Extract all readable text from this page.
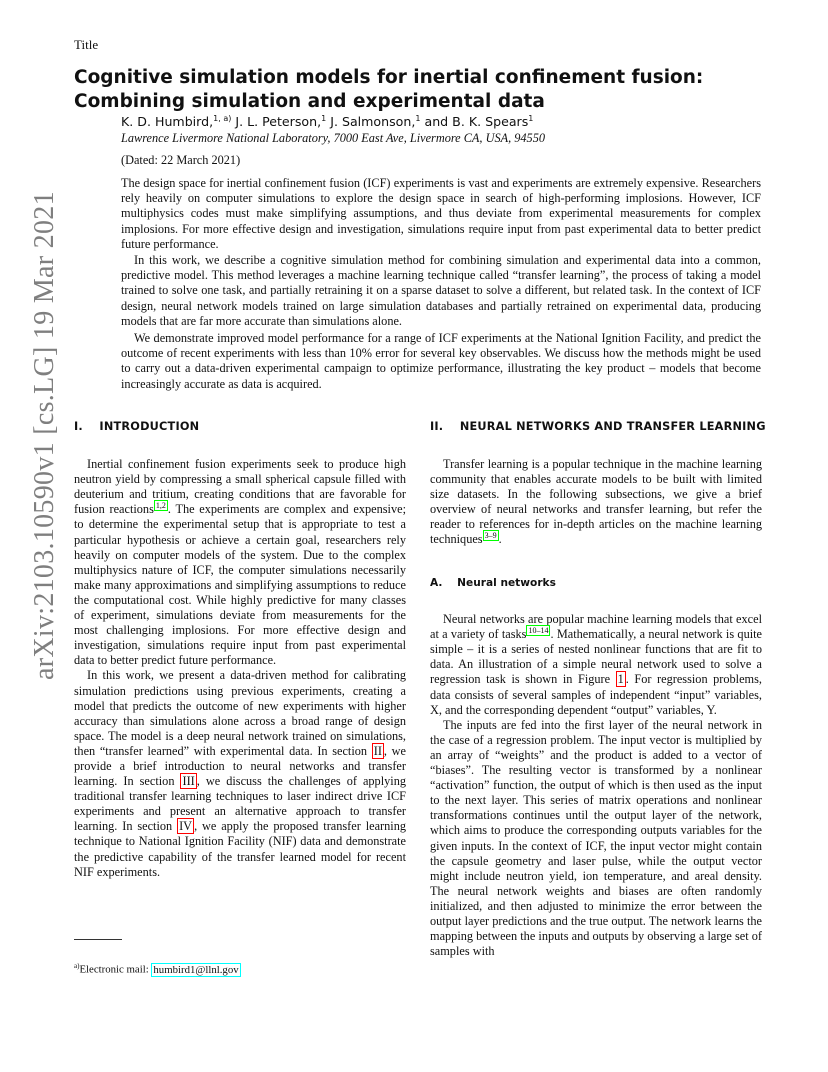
Title
Cognitive simulation models for inertial confinement fusion:
Combining simulation and experimental data
K. D. Humbird,$^{1, a)}$ J. L. Peterson,$^1$ J. Salmonson,$^1$ and B. K. Spears$^1$
Lawrence Livermore National Laboratory, 7000 East Ave, Livermore CA, USA, 94550
(Dated: 22 March 2021)
The design space for inertial confinement fusion (ICF) experiments is vast and experiments are extremely expensive. Researchers rely heavily on computer simulations to explore the design space in search of high-performing implosions. However, ICF multiphysics codes must make simplifying assumptions, and thus deviate from experimental measurements for complex implosions. For more effective design and investigation, simulations require input from past experimental data to better predict future performance.

In this work, we describe a cognitive simulation method for combining simulation and experimental data into a common, predictive model. This method leverages a machine learning technique called “transfer learning”, the process of taking a model trained to solve one task, and partially retraining it on a sparse dataset to solve a different, but related task. In the context of ICF design, neural network models trained on large simulation databases and partially retrained on experimental data, producing models that are far more accurate than simulations alone.

We demonstrate improved model performance for a range of ICF experiments at the National Ignition Facility, and predict the outcome of recent experiments with less than 10% error for several key observables. We discuss how the methods might be used to carry out a data-driven experimental campaign to optimize performance, illustrating the key product – models that become increasingly accurate as data is acquired.

I.    INTRODUCTION	II.    NEURAL NETWORKS AND TRANSFER LEARNING
A.    Neural networks

Inertial confinement fusion experiments seek to produce high neutron yield by compressing a small spherical capsule filled with deuterium and tritium, creating conditions that are favorable for fusion reactions $^{1,2}$ . The experiments are complex and expensive; to determine the experimental setup that is appropriate to test a particular hypothesis or achieve a certain goal, researchers rely heavily on computer models of the system. Due to the complex multiphysics nature of ICF, the computer simulations necessarily make many approximations and simplifying assumptions to reduce the computational cost. While highly predictive for many classes of experiment, simulations deviate from measurements for the most challenging implosions. For more effective design and investigation, simulations require input from past experimental data to better predict future performance.

In this work, we present a data-driven method for calibrating simulation predictions using previous experiments, creating a model that predicts the outcome of new experiments with higher accuracy than simulations alone across a broad range of design space. The model is a deep neural network trained on simulations, then “transfer learned” with experimental data. In section II , we provide a brief introduction to neural networks and transfer learning. In section III , we discuss the challenges of applying traditional transfer learning techniques to laser indirect drive ICF experiments and present an alternative approach to transfer learning. In section IV , we apply the proposed transfer learning technique to National Ignition Facility (NIF) data and demonstrate the predictive capability of the transfer learned model for recent NIF experiments.

Transfer learning is a popular technique in the machine learning community that enables accurate models to be built with limited size datasets. In the following subsections, we give a brief overview of neural networks and transfer learning, but refer the reader to references for in-depth articles on the machine learning techniques $^{3-9}$ .

Neural networks are popular machine learning models that excel at a variety of tasks $^{10-14}$ . Mathematically, a neural network is quite simple – it is a series of nested nonlinear functions that are fit to data. An illustration of a simple neural network used to solve a regression task is shown in Figure 1 . For regression problems, data consists of several samples of independent “input” variables, X, and the corresponding dependent “output” variables, Y.

The inputs are fed into the first layer of the neural network in the case of a regression problem. The input vector is multiplied by an array of “weights” and the product is added to a vector of “biases”. The resulting vector is transformed by a nonlinear “activation” function, the output of which is then used as the input to the next layer. This series of matrix operations and nonlinear transformations continues until the output layer of the network, which aims to produce the corresponding outputs variables for the given inputs. In the context of ICF, the input vector might contain the capsule geometry and laser pulse, while the output vector might include neutron yield, ion temperature, and areal density. The neural network weights and biases are often randomly initialized, and then adjusted to minimize the error between the output layer predictions and the true output. The network learns the mapping between the inputs and outputs by observing a large set of samples with

$^{a)}$Electronic mail: humbird1@llnl.gov
arXiv:2103.10590v1 [cs.LG] 19 Mar 2021
